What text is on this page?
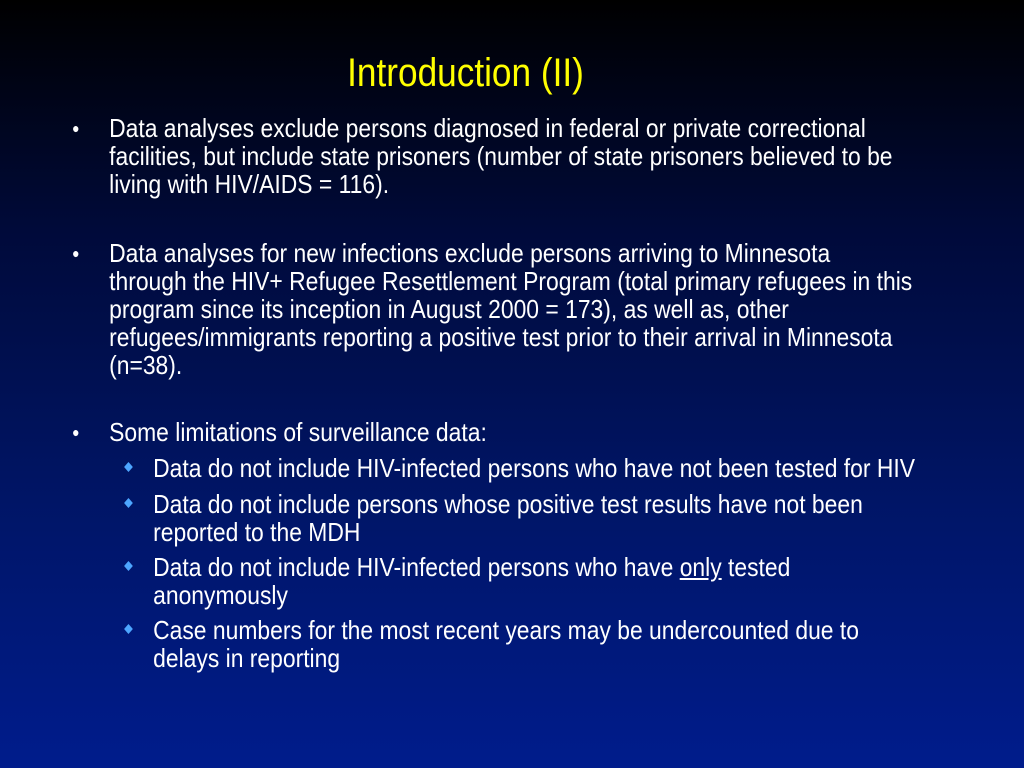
Introduction (II)
● Data analyses exclude persons diagnosed in federal or private correctional
facilities, but include state prisoners (number of state prisoners believed to be
living with HIV/AIDS = 116).
● Data analyses for new infections exclude persons arriving to Minnesota
through the HIV+ Refugee Resettlement Program (total primary refugees in this
program since its inception in August 2000 = 173), as well as, other
refugees/immigrants reporting a positive test prior to their arrival in Minnesota
(n=38).
● Some limitations of surveillance data:
Data do not include HIV-infected persons who have not been tested for HIV
Data do not include persons whose positive test results have not been
reported to the MDH
Data do not include HIV-infected persons who have only tested
anonymously
Case numbers for the most recent years may be undercounted due to
delays in reporting
